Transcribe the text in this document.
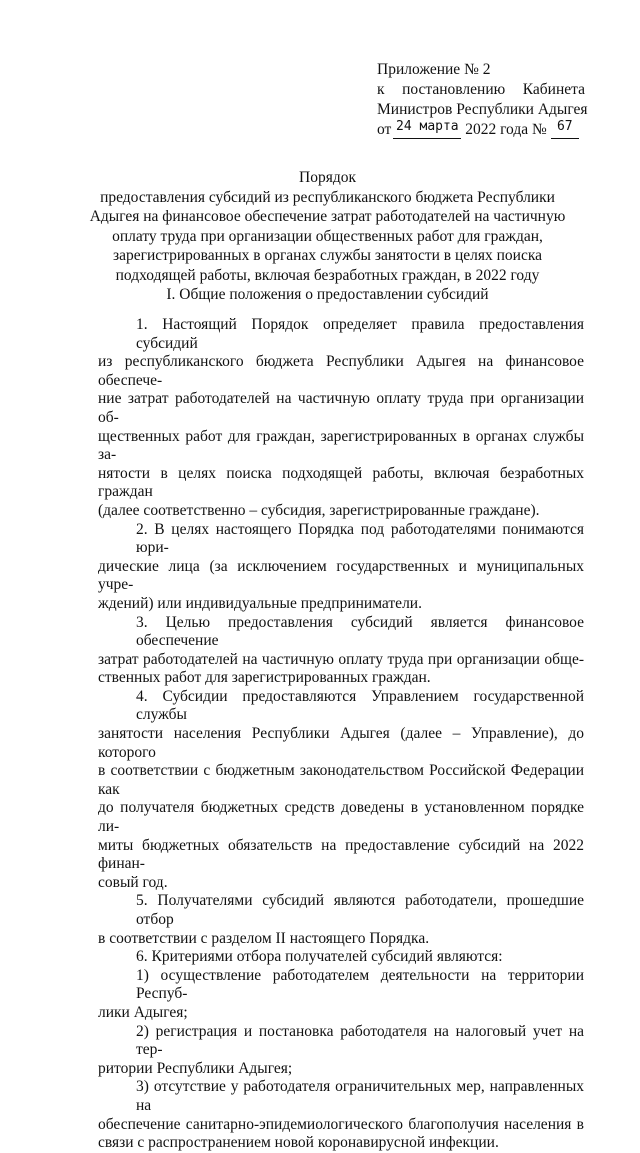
Приложение № 2
к постановлению Кабинета
Министров Республики Адыгея
от 24 марта 2022 года № 67
Порядок
предоставления субсидий из республиканского бюджета Республики
Адыгея на финансовое обеспечение затрат работодателей на частичную
оплату труда при организации общественных работ для граждан,
зарегистрированных в органах службы занятости в целях поиска
подходящей работы, включая безработных граждан, в 2022 году
I. Общие положения о предоставлении субсидий

1. Настоящий Порядок определяет правила предоставления субсидий
из республиканского бюджета Республики Адыгея на финансовое обеспече-
ние затрат работодателей на частичную оплату труда при организации об-
щественных работ для граждан, зарегистрированных в органах службы за-
нятости в целях поиска подходящей работы, включая безработных граждан
(далее соответственно – субсидия, зарегистрированные граждане).

2. В целях настоящего Порядка под работодателями понимаются юри-
дические лица (за исключением государственных и муниципальных учре-
ждений) или индивидуальные предприниматели.

3. Целью предоставления субсидий является финансовое обеспечение
затрат работодателей на частичную оплату труда при организации обще-
ственных работ для зарегистрированных граждан.

4. Субсидии предоставляются Управлением государственной службы
занятости населения Республики Адыгея (далее – Управление), до которого
в соответствии с бюджетным законодательством Российской Федерации как
до получателя бюджетных средств доведены в установленном порядке ли-
миты бюджетных обязательств на предоставление субсидий на 2022 финан-
совый год.

5. Получателями субсидий являются работодатели, прошедшие отбор
в соответствии с разделом II настоящего Порядка.

6. Критериями отбора получателей субсидий являются:

1) осуществление работодателем деятельности на территории Респуб-
лики Адыгея;

2) регистрация и постановка работодателя на налоговый учет на тер-
ритории Республики Адыгея;

3) отсутствие у работодателя ограничительных мер, направленных на
обеспечение санитарно-эпидемиологического благополучия населения в
связи с распространением новой коронавирусной инфекции.
